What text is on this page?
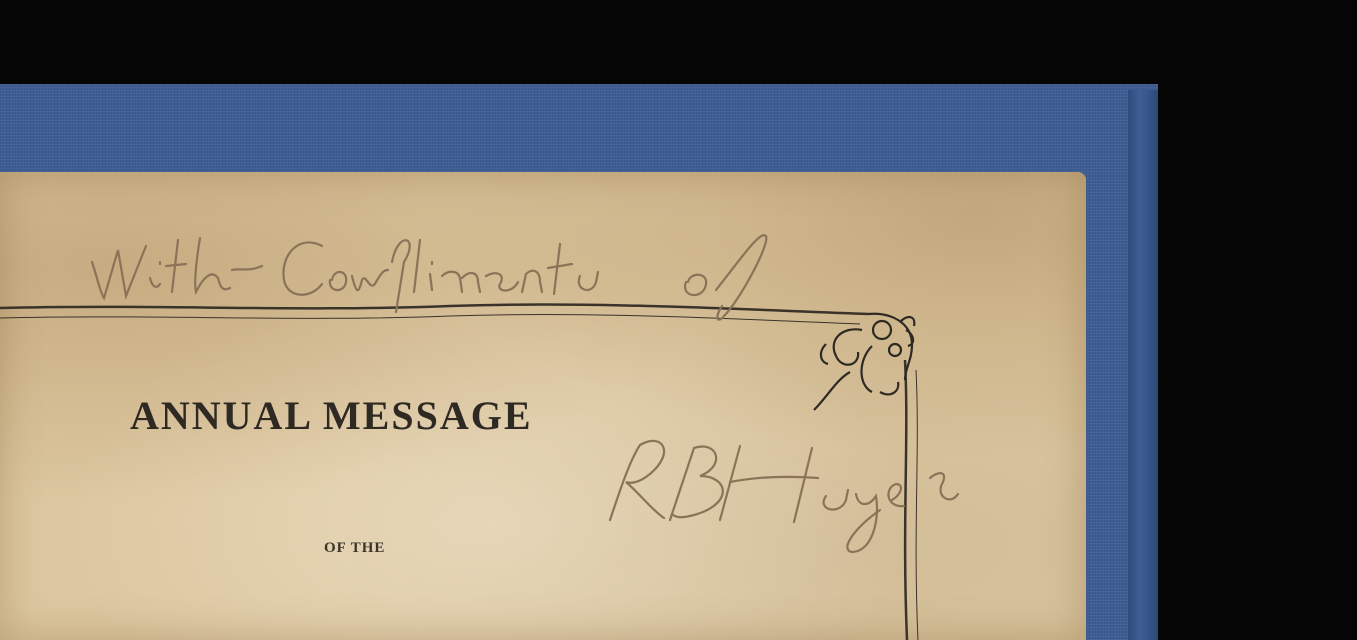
ANNUAL MESSAGE
OF THE
